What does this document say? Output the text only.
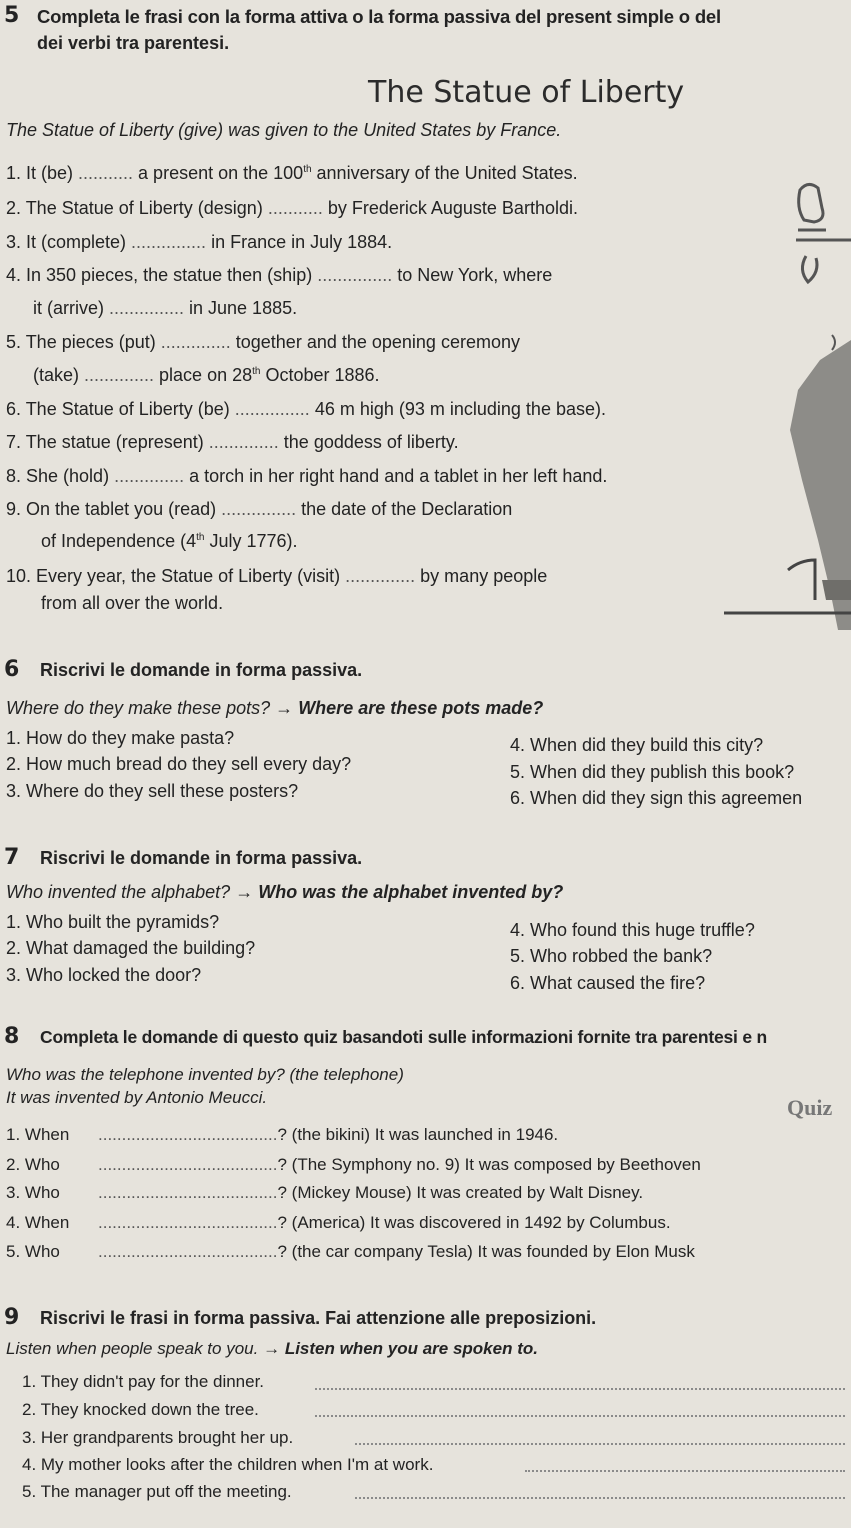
5 Completa le frasi con la forma attiva o la forma passiva del present simple o del
dei verbi tra parentesi.
The Statue of Liberty
The Statue of Liberty (give) was given to the United States by France.
1. It (be) ........... a present on the 100th anniversary of the United States.
2. The Statue of Liberty (design) ........... by Frederick Auguste Bartholdi.
3. It (complete) ............... in France in July 1884.
4. In 350 pieces, the statue then (ship) ............... to New York, where
it (arrive) ............... in June 1885.
5. The pieces (put) .............. together and the opening ceremony
(take) .............. place on 28th October 1886.
6. The Statue of Liberty (be) ............... 46 m high (93 m including the base).
7. The statue (represent) .............. the goddess of liberty.
8. She (hold) .............. a torch in her right hand and a tablet in her left hand.
9. On the tablet you (read) ............... the date of the Declaration
of Independence (4th July 1776).
10. Every year, the Statue of Liberty (visit) .............. by many people
from all over the world.
6 Riscrivi le domande in forma passiva.
Where do they make these pots? → Where are these pots made?
1. How do they make pasta?
2. How much bread do they sell every day?
3. Where do they sell these posters?
4. When did they build this city?
5. When did they publish this book?
6. When did they sign this agreemen
7 Riscrivi le domande in forma passiva.
Who invented the alphabet? → Who was the alphabet invented by?
1. Who built the pyramids?
2. What damaged the building?
3. Who locked the door?
4. Who found this huge truffle?
5. Who robbed the bank?
6. What caused the fire?
8 Completa le domande di questo quiz basandoti sulle informazioni fornite tra parentesi e n
Who was the telephone invented by? (the telephone)
It was invented by Antonio Meucci.	Quiz
1. When ......................................? (the bikini) It was launched in 1946.
2. Who ......................................? (The Symphony no. 9) It was composed by Beethoven
3. Who ......................................? (Mickey Mouse) It was created by Walt Disney.
4. When ......................................? (America) It was discovered in 1492 by Columbus.
5. Who ......................................? (the car company Tesla) It was founded by Elon Musk
9 Riscrivi le frasi in forma passiva. Fai attenzione alle preposizioni.
Listen when people speak to you. → Listen when you are spoken to.
1. They didn't pay for the dinner.
2. They knocked down the tree.
3. Her grandparents brought her up.
4. My mother looks after the children when I'm at work.
5. The manager put off the meeting.
